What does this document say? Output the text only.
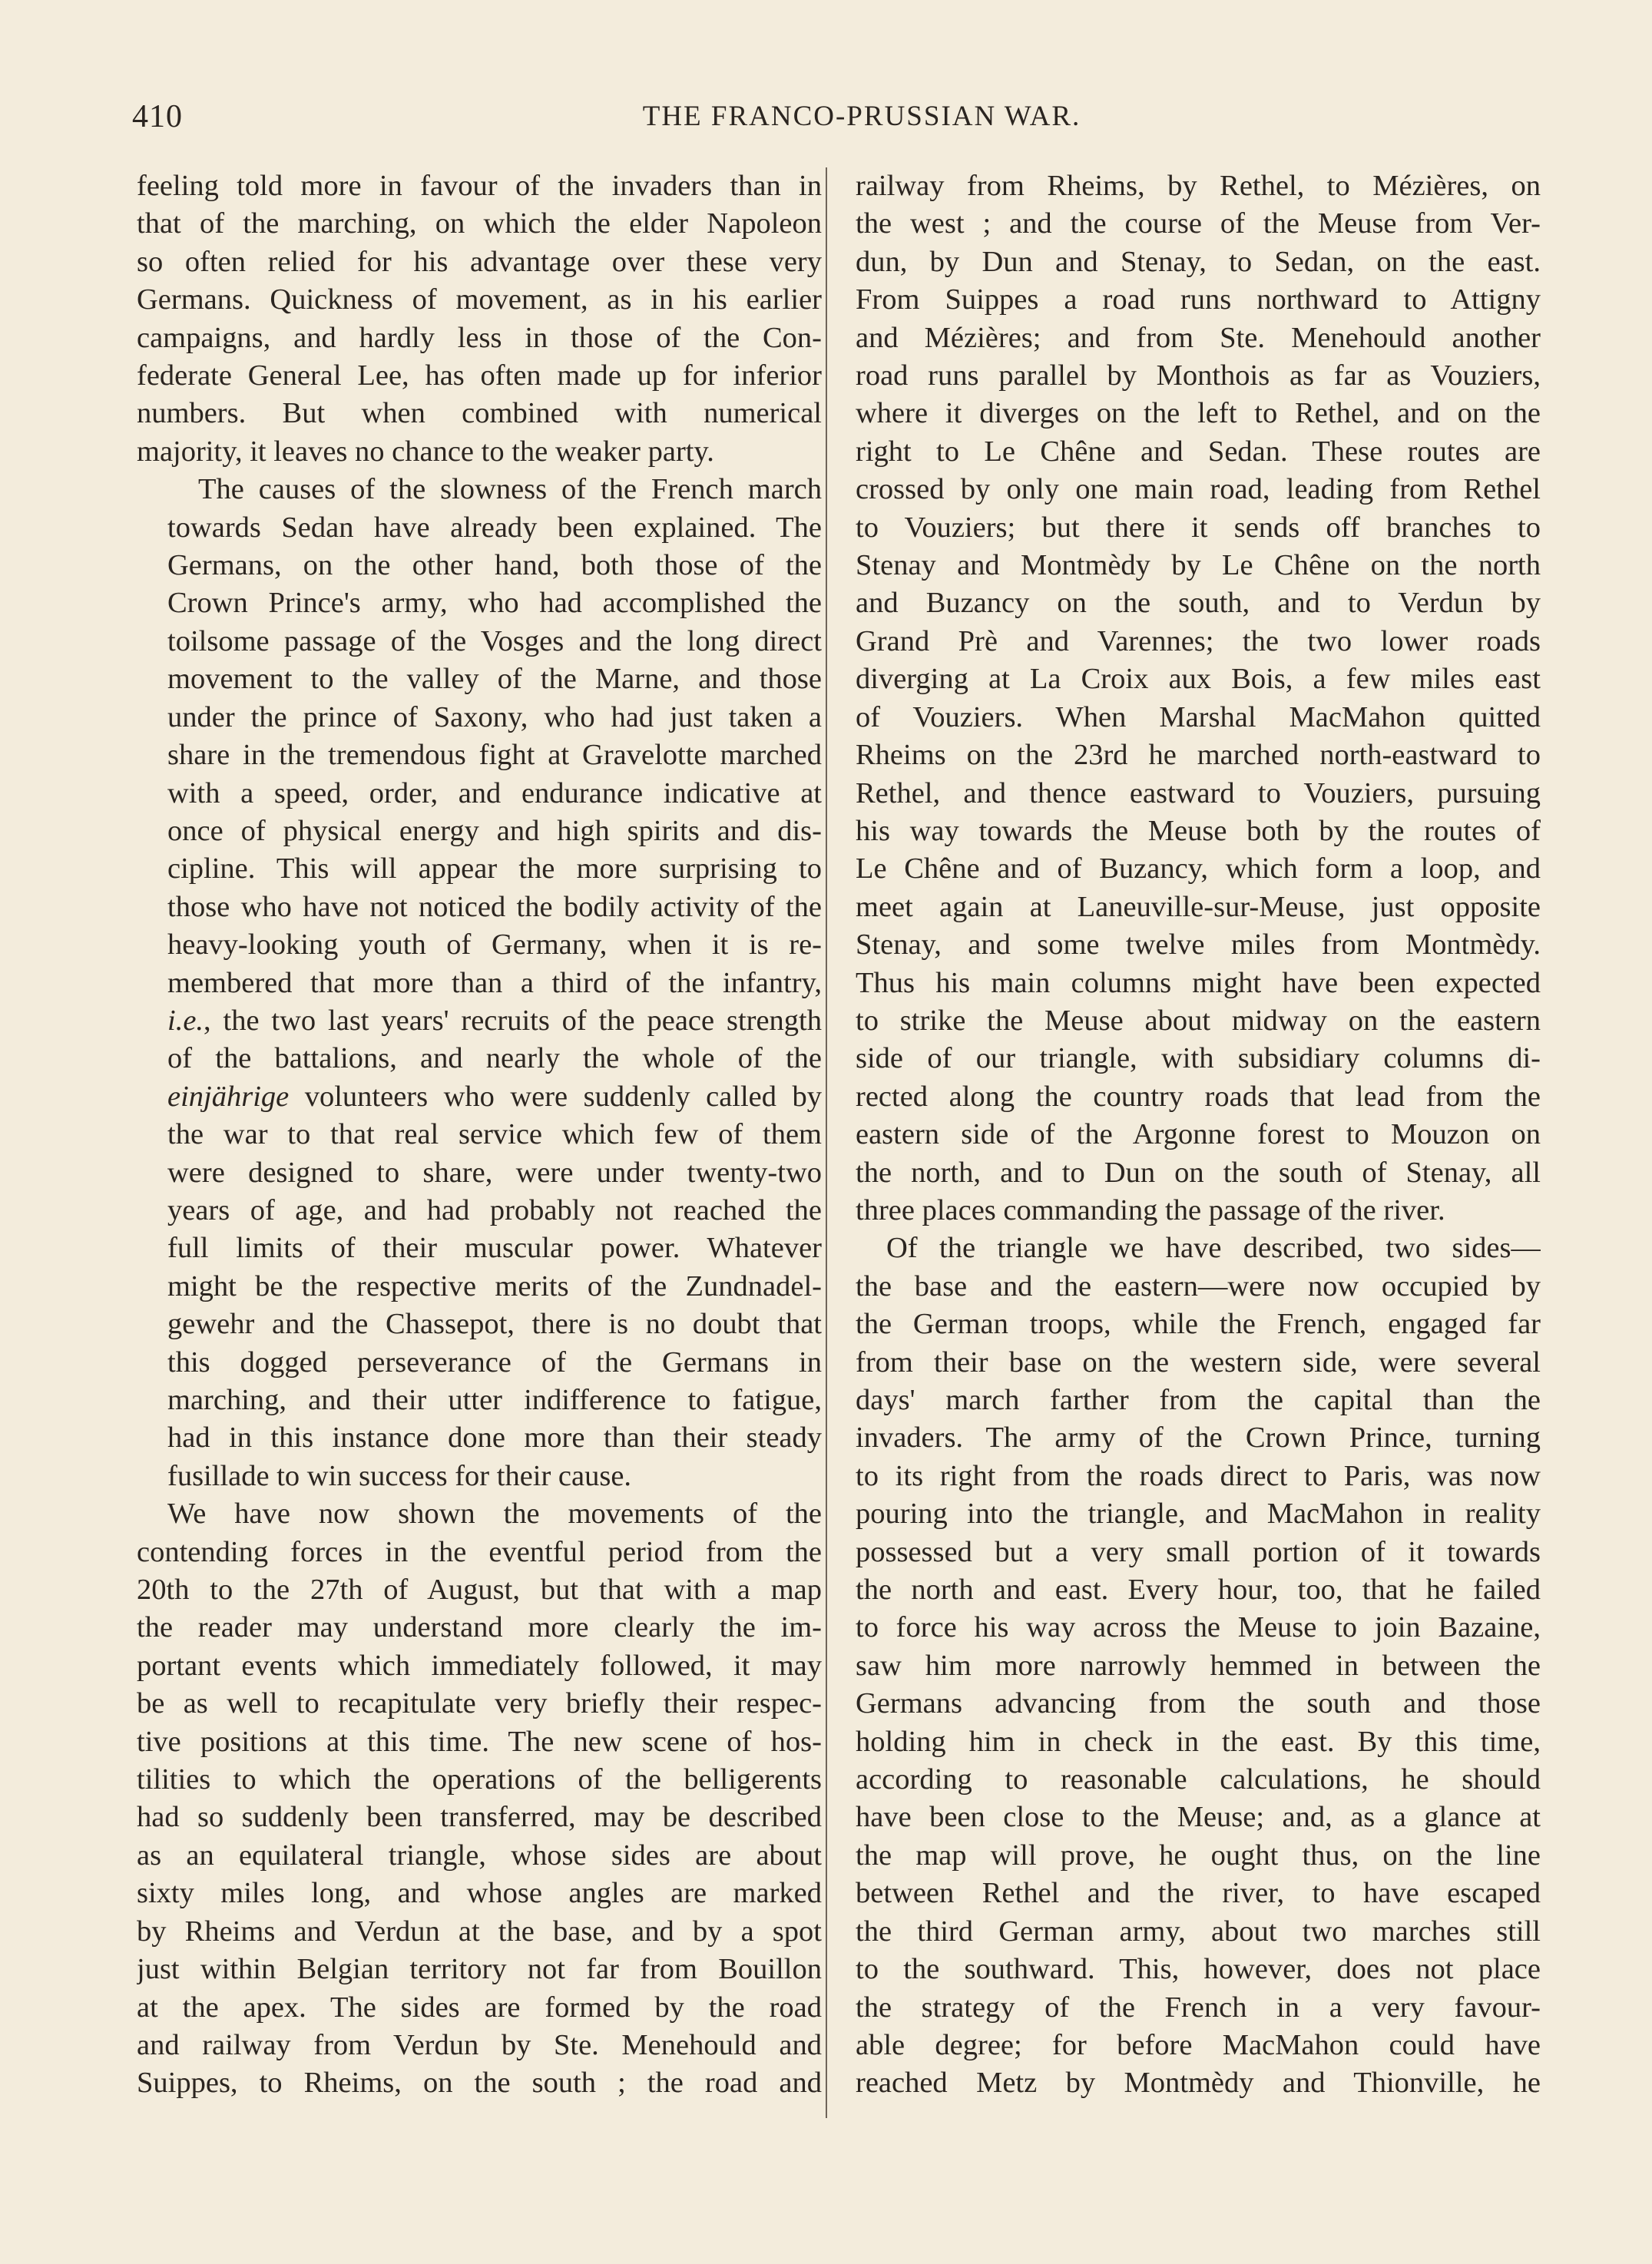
410	THE FRANCO-PRUSSIAN WAR.

feeling told more in favour of the invaders than in
that of the marching, on which the elder Napoleon
so often relied for his advantage over these very
Germans. Quickness of movement, as in his earlier
campaigns, and hardly less in those of the Con-
federate General Lee, has often made up for inferior
numbers. But when combined with numerical
majority, it leaves no chance to the weaker party.

The causes of the slowness of the French march
towards Sedan have already been explained. The
Germans, on the other hand, both those of the
Crown Prince's army, who had accomplished the
toilsome passage of the Vosges and the long direct
movement to the valley of the Marne, and those
under the prince of Saxony, who had just taken a
share in the tremendous fight at Gravelotte marched
with a speed, order, and endurance indicative at
once of physical energy and high spirits and dis-
cipline. This will appear the more surprising to
those who have not noticed the bodily activity of the
heavy-looking youth of Germany, when it is re-
membered that more than a third of the infantry,
i.e., the two last years' recruits of the peace strength
of the battalions, and nearly the whole of the
einjährige volunteers who were suddenly called by
the war to that real service which few of them
were designed to share, were under twenty-two
years of age, and had probably not reached the
full limits of their muscular power. Whatever
might be the respective merits of the Zundnadel-
gewehr and the Chassepot, there is no doubt that
this dogged perseverance of the Germans in
marching, and their utter indifference to fatigue,
had in this instance done more than their steady
fusillade to win success for their cause.

We have now shown the movements of the
contending forces in the eventful period from the
20th to the 27th of August, but that with a map
the reader may understand more clearly the im-
portant events which immediately followed, it may
be as well to recapitulate very briefly their respec-
tive positions at this time. The new scene of hos-
tilities to which the operations of the belligerents
had so suddenly been transferred, may be described
as an equilateral triangle, whose sides are about
sixty miles long, and whose angles are marked
by Rheims and Verdun at the base, and by a spot
just within Belgian territory not far from Bouillon
at the apex. The sides are formed by the road
and railway from Verdun by Ste. Menehould and
Suippes, to Rheims, on the south ; the road and

railway from Rheims, by Rethel, to Mézières, on
the west ; and the course of the Meuse from Ver-
dun, by Dun and Stenay, to Sedan, on the east.
From Suippes a road runs northward to Attigny
and Mézières; and from Ste. Menehould another
road runs parallel by Monthois as far as Vouziers,
where it diverges on the left to Rethel, and on the
right to Le Chêne and Sedan. These routes are
crossed by only one main road, leading from Rethel
to Vouziers; but there it sends off branches to
Stenay and Montmèdy by Le Chêne on the north
and Buzancy on the south, and to Verdun by
Grand Prè and Varennes; the two lower roads
diverging at La Croix aux Bois, a few miles east
of Vouziers. When Marshal MacMahon quitted
Rheims on the 23rd he marched north-eastward to
Rethel, and thence eastward to Vouziers, pursuing
his way towards the Meuse both by the routes of
Le Chêne and of Buzancy, which form a loop, and
meet again at Laneuville-sur-Meuse, just opposite
Stenay, and some twelve miles from Montmèdy.
Thus his main columns might have been expected
to strike the Meuse about midway on the eastern
side of our triangle, with subsidiary columns di-
rected along the country roads that lead from the
eastern side of the Argonne forest to Mouzon on
the north, and to Dun on the south of Stenay, all
three places commanding the passage of the river.

Of the triangle we have described, two sides—
the base and the eastern—were now occupied by
the German troops, while the French, engaged far
from their base on the western side, were several
days' march farther from the capital than the
invaders. The army of the Crown Prince, turning
to its right from the roads direct to Paris, was now
pouring into the triangle, and MacMahon in reality
possessed but a very small portion of it towards
the north and east. Every hour, too, that he failed
to force his way across the Meuse to join Bazaine,
saw him more narrowly hemmed in between the
Germans advancing from the south and those
holding him in check in the east. By this time,
according to reasonable calculations, he should
have been close to the Meuse; and, as a glance at
the map will prove, he ought thus, on the line
between Rethel and the river, to have escaped
the third German army, about two marches still
to the southward. This, however, does not place
the strategy of the French in a very favour-
able degree; for before MacMahon could have
reached Metz by Montmèdy and Thionville, he
